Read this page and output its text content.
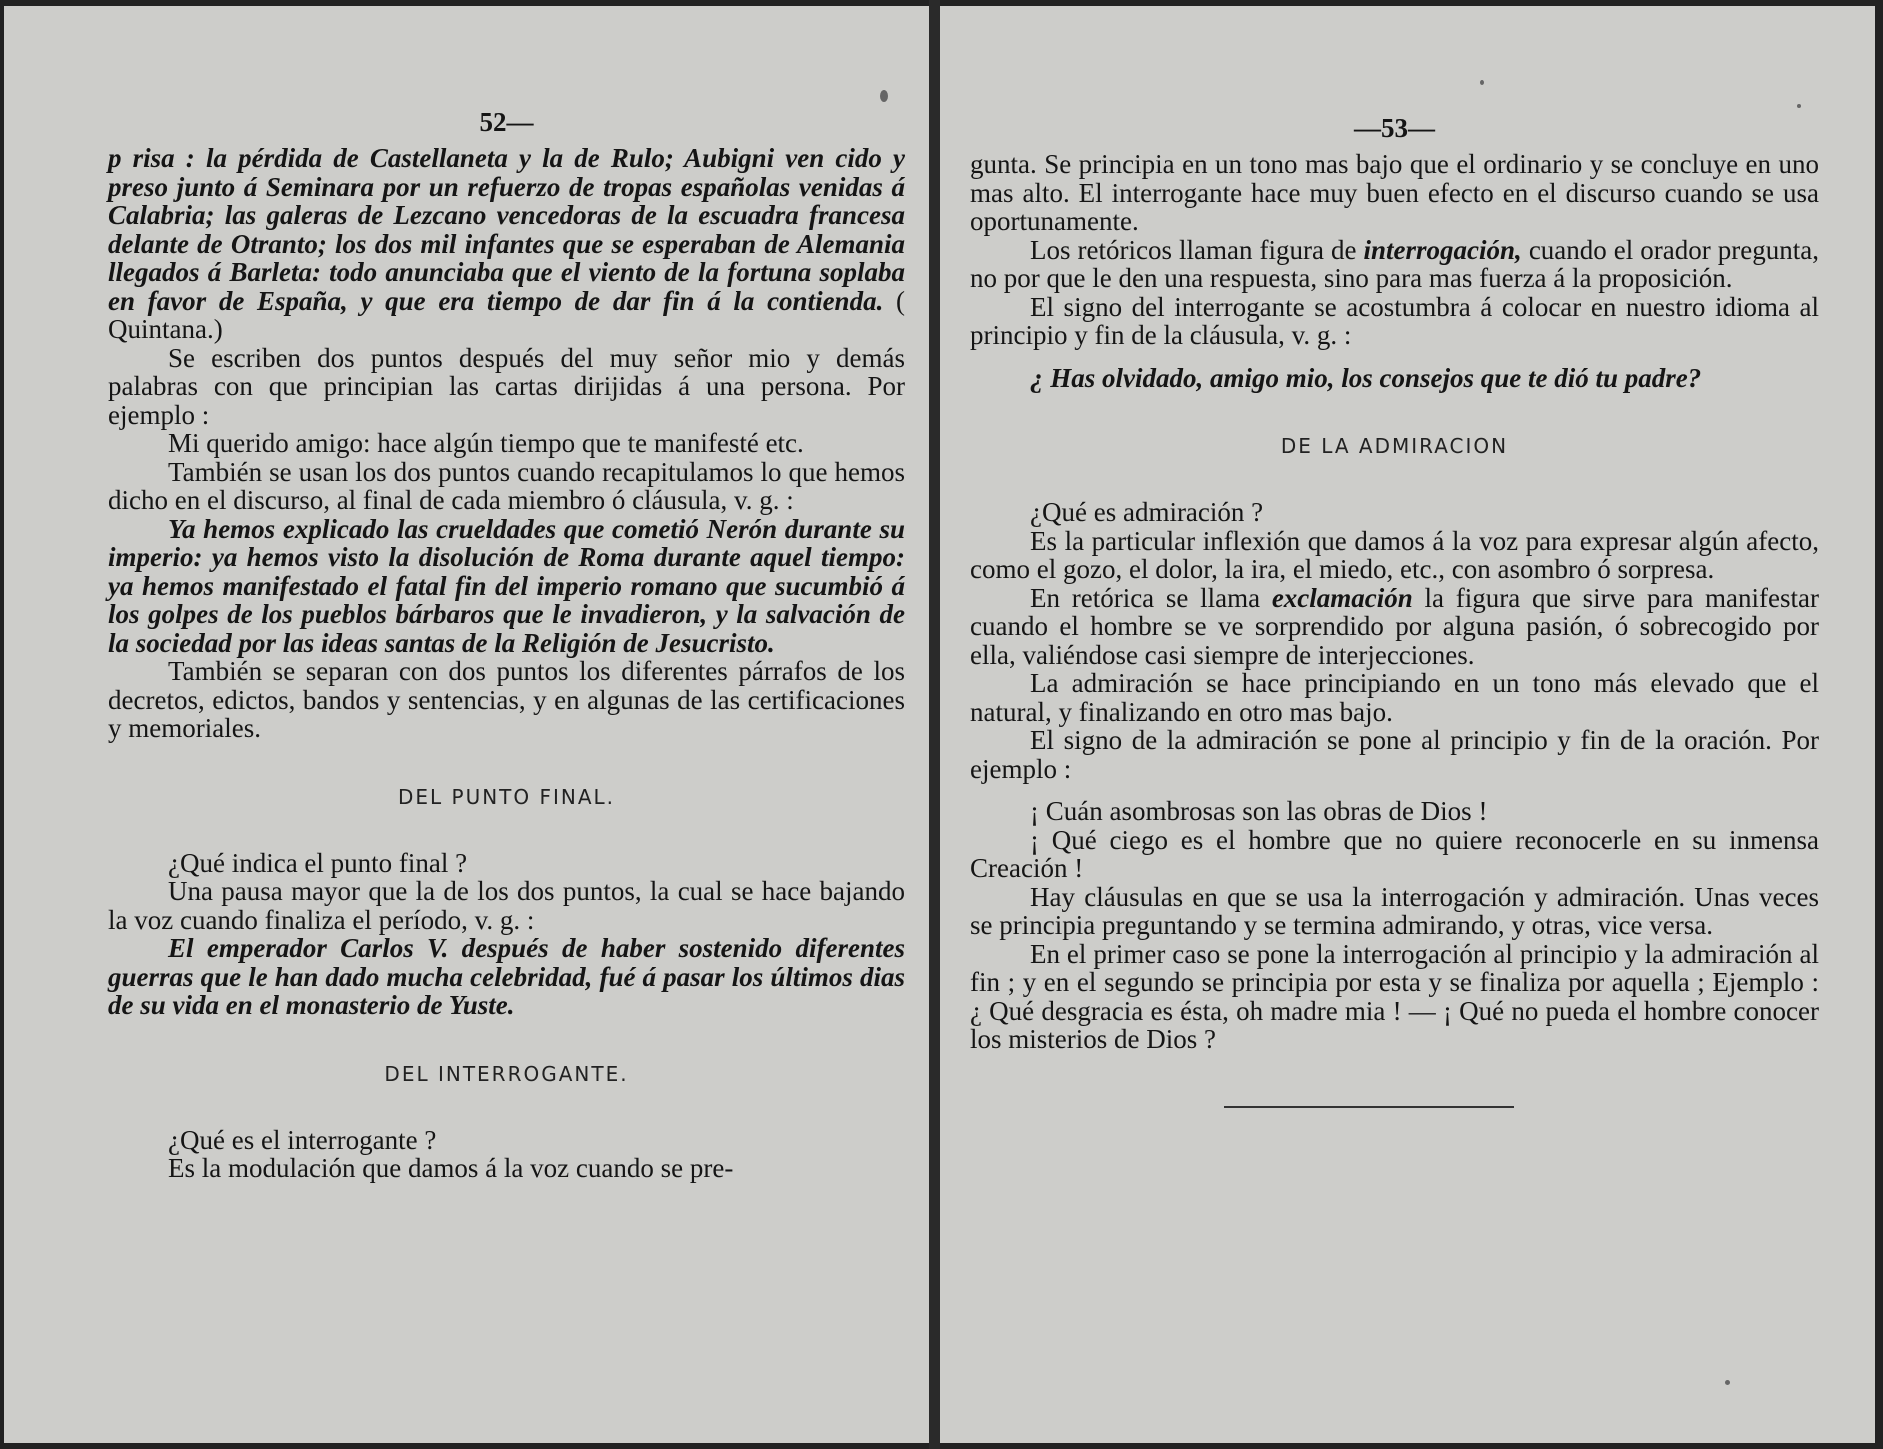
52—

p risa : la pérdida de Castellaneta y la de Rulo; Aubigni ven cido y preso junto á Seminara por un refuerzo de tropas españolas venidas á Calabria; las galeras de Lezcano vencedoras de la escuadra francesa delante de Otranto; los dos mil infantes que se esperaban de Alemania llegados á Barleta: todo anunciaba que el viento de la fortuna soplaba en favor de España, y que era tiempo de dar fin á la contienda. ( Quintana.)

Se escriben dos puntos después del muy señor mio y demás palabras con que principian las cartas dirijidas á una persona. Por ejemplo :

Mi querido amigo: hace algún tiempo que te manifesté etc.

También se usan los dos puntos cuando recapitulamos lo que hemos dicho en el discurso, al final de cada miembro ó cláusula, v. g. :

Ya hemos explicado las crueldades que cometió Nerón durante su imperio: ya hemos visto la disolución de Roma durante aquel tiempo: ya hemos manifestado el fatal fin del imperio romano que sucumbió á los golpes de los pueblos bárbaros que le invadieron, y la salvación de la sociedad por las ideas santas de la Religión de Jesucristo.

También se separan con dos puntos los diferentes párrafos de los decretos, edictos, bandos y sentencias, y en algunas de las certificaciones y memoriales.

DEL PUNTO FINAL.

¿Qué indica el punto final ?

Una pausa mayor que la de los dos puntos, la cual se hace bajando la voz cuando finaliza el período, v. g. :

El emperador Carlos V. después de haber sostenido diferentes guerras que le han dado mucha celebridad, fué á pasar los últimos dias de su vida en el monasterio de Yuste.

DEL INTERROGANTE.

¿Qué es el interrogante ?

Es la modulación que damos á la voz cuando se pre-

—53—

gunta. Se principia en un tono mas bajo que el ordinario y se concluye en uno mas alto. El interrogante hace muy buen efecto en el discurso cuando se usa oportunamente.

Los retóricos llaman figura de interrogación, cuando el orador pregunta, no por que le den una respuesta, sino para mas fuerza á la proposición.

El signo del interrogante se acostumbra á colocar en nuestro idioma al principio y fin de la cláusula, v. g. :

¿ Has olvidado, amigo mio, los consejos que te dió tu padre?

DE LA ADMIRACION

¿Qué es admiración ?

Es la particular inflexión que damos á la voz para expresar algún afecto, como el gozo, el dolor, la ira, el miedo, etc., con asombro ó sorpresa.

En retórica se llama exclamación la figura que sirve para manifestar cuando el hombre se ve sorprendido por alguna pasión, ó sobrecogido por ella, valiéndose casi siempre de interjecciones.

La admiración se hace principiando en un tono más elevado que el natural, y finalizando en otro mas bajo.

El signo de la admiración se pone al principio y fin de la oración. Por ejemplo :

¡ Cuán asombrosas son las obras de Dios !

¡ Qué ciego es el hombre que no quiere reconocerle en su inmensa Creación !

Hay cláusulas en que se usa la interrogación y admiración. Unas veces se principia preguntando y se termina admirando, y otras, vice versa.

En el primer caso se pone la interrogación al principio y la admiración al fin ; y en el segundo se principia por esta y se finaliza por aquella ; Ejemplo : ¿ Qué desgracia es ésta, oh madre mia ! — ¡ Qué no pueda el hombre conocer los misterios de Dios ?
